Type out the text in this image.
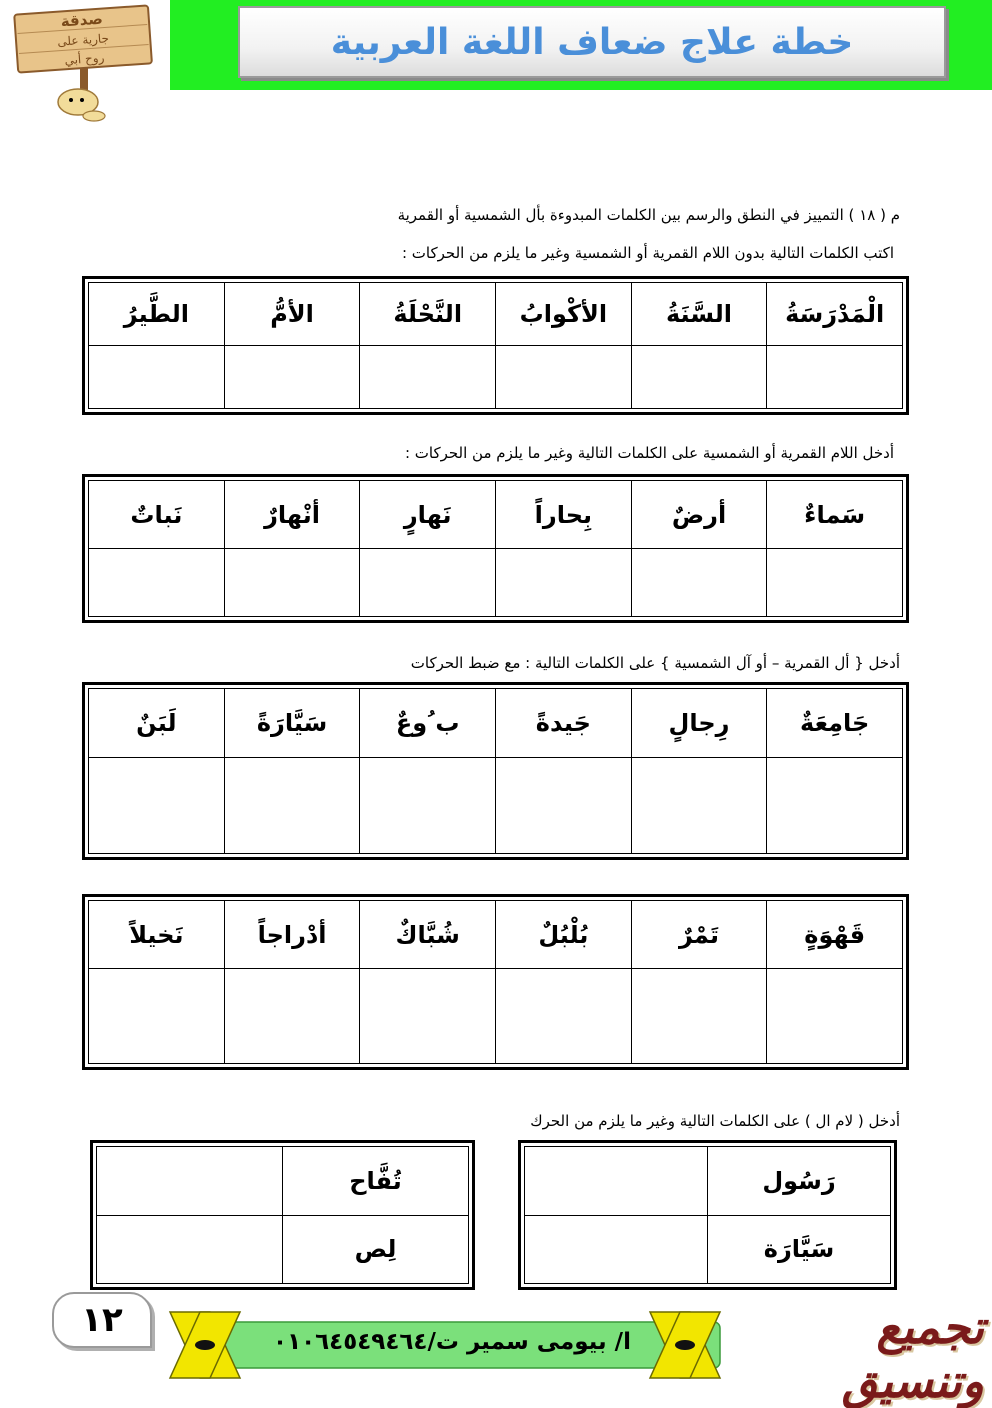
خطة علاج ضعاف اللغة العربية
صدقة
جارية على
روح أبي
م ( ١٨ ) التمييز في النطق والرسم بين الكلمات المبدوءة بأل الشمسية أو القمرية
اكتب الكلمات التالية بدون اللام القمرية أو الشمسية وغير ما يلزم من الحركات :
الْمَدْرَسَةُ	السَّنَةُ	الأكْوابُ	النَّحْلَةُ	الأمُّ	الطَّيرُ

أدخل اللام القمرية أو الشمسية على الكلمات التالية وغير ما يلزم من الحركات :
سَماءٌ	أرضٌ	بِحاراً	نَهارٍ	أنْهارٌ	نَباتٌ

أدخل { أل القمرية – أو آل الشمسية } على الكلمات التالية : مع ضبط الحركات
جَامِعَةٌ	رِجالٍ	جَيدةً	ب ُوعٌ	سَيَّارَةً	لَبَنٌ

قَهْوَةٍ	تَمْرٌ	بُلْبُلٌ	شُبَّاكٌ	أدْراجاً	نَخيلاً

أدخل ( لام ال ) على الكلمات التالية وغير ما يلزم من الحرك
رَسُول	
سَيَّارَة	
تُفَّاح	
لِص	
١٢
ا/ بيومى سمير ت/٠١٠٦٤٥٤٩٤٦٤	تجميع وتنسيق
